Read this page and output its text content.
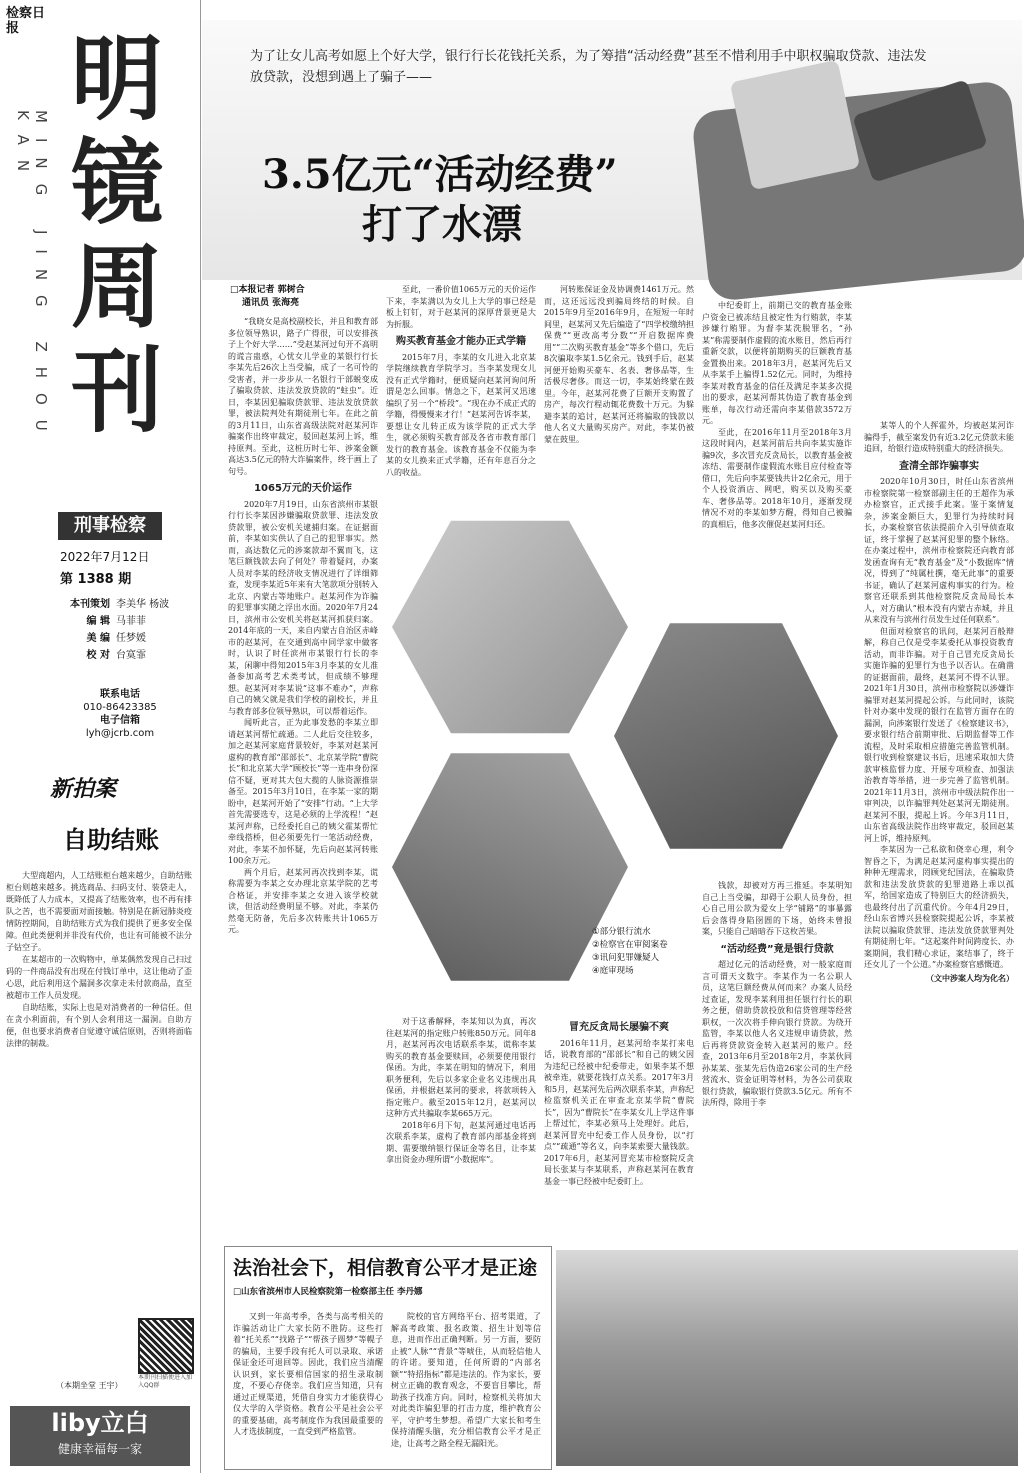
检察日报 明
镜
周
刊
MING JING ZHOU KAN
刑事检察
2022年7月12日
第 1388 期
本刊策划 李美华 杨波
编 辑 马菲菲
美 编 任梦媛
校 对 台寞霏
联系电话
010-86423385
电子信箱
lyh@jcrb.com
新拍案
自助结账

大型商超内，人工结账柜台越来越少，自助结账柜台则越来越多。挑选商品、扫码支付、装袋走人，既降低了人力成本，又提高了结账效率，也不再有排队之苦，也不需要面对面接触。特别是在新冠肺炎疫情防控期间，自助结账方式为我们提供了更多安全保障。但此类便利并非没有代价，也让有可能被不法分子钻空子。

在某超市的一次购物中，单某偶然发现自己扫过码的一件商品没有出现在付钱订单中，这让他动了歪心思，此后利用这个漏洞多次拿走未付款商品，直至被超市工作人员发现。

自助结账，实际上也是对消费者的一种信任。但在贪小利面前，有个别人会利用这一漏洞。自助方便，但也要求消费者自觉遵守诚信原则，否则将面临法律的制裁。

本期刊扫描便进入加入QQ群
（本期坐堂 王宇）
liby立白
健康幸福每一家
为了让女儿高考如愿上个好大学，银行行长花钱托关系，为了筹措“活动经费”甚至不惜利用手中职权骗取贷款、违法发放贷款，没想到遇上了骗子——
3.5亿元“活动经费”
打了水漂
□本报记者 郭树合
通讯员 张海亮

“我晓女是高校副校长，并且和教育部多位领导熟识，路子广得很，可以安排孩子上个好大学……”受赵某河过句开不高明的谎言蛊惑，心忧女儿学业的某银行行长李某先后26次上当受骗，成了一名可怜的受害者，并一步步从一名银行干部蜕变成了骗取贷款、违法发放贷款的“蛀虫”。近日，李某因犯骗取贷款罪、违法发放贷款罪，被法院判处有期徒刑七年。在此之前的3月11日，山东省高级法院对赵某河诈骗案作出终审裁定，驳回赵某河上诉，维持原判。至此，这桩历时七年、涉案金额高达3.5亿元的特大诈骗案件，终于画上了句号。

1065万元的天价运作

2020年7月19日，山东省滨州市某银行行长李某因涉嫌骗取贷款罪、违法发放贷款罪，被公安机关逮捕归案。在证据面前，李某如实供认了自己的犯罪事实。然而，高达数亿元的涉案款却不翼而飞，这笔巨额钱款去向了何处？带着疑问，办案人员对李某的经济收支情况进行了详细筛查，发现李某近5年来有大笔款项分别转入北京、内蒙古等地账户。赵某河作为诈骗的犯罪事实随之浮出水面。2020年7月24日，滨州市公安机关将赵某河抓获归案。2014年底的一天，来自内蒙古自治区赤峰市的赵某河，在交通到高中同学家中做客时，认识了时任滨州市某银行行长的李某，闲聊中得知2015年3月李某的女儿准备参加高考艺术类考试，但成绩不够理想。赵某河对李某说“这事不难办”，声称自己的姨父就是我们学校的副校长，并且与教育部多位领导熟识，可以帮着运作。

闻听此言，正为此事发愁的李某立即请赵某河帮忙疏通。二人此后交往较多，加之赵某河家庭背景较好，李某对赵某河虚构的教育部“邵部长”、北京某学院“曹院长”和北京某大学“顾校长”等一连串身份深信不疑，更对其大包大揽的人脉资源推崇备至。2015年3月10日，在李某一家的期盼中，赵某河开始了“安排”行动。“上大学首先需要选专，这是必须的上学流程！”赵某河声称，已经委托自己的姨父霍某帮忙牵线搭桥，但必须要先行一笔活动经费，对此，李某不加怀疑，先后向赵某河转账100余万元。

两个月后，赵某河再次找到李某，谎称需要为李某之女办理北京某学院的艺考合格证，并安排李某之女进入该学校就读，但活动经费明显不够。对此，李某仍然毫无防备，先后多次转账共计1065万元。

至此，一番价值1065万元的天价运作下来，李某满以为女儿上大学的事已经是板上钉钉，对于赵某河的深厚背景更是大为折服。

购买教育基金才能办正式学籍

2015年7月，李某的女儿进入北京某学院继续教育学院学习。当李某发现女儿没有正式学籍时，便质疑向赵某河询问所谓是怎么回事。情急之下，赵某河又迅速编织了另一个“桥段”。“现在办不成正式的学籍，得慢慢来才行！”赵某河告诉李某，要想让女儿转正成为该学院的正式大学生，就必须购买教育部及各省市教育部门发行的教育基金。该教育基金不仅能为李某的女儿换来正式学籍，还有年息百分之八的收益。

对于这番解释，李某知以为真，再次往赵某河的指定账户转账850万元。同年8月，赵某河再次电话联系李某，谎称李某购买的教育基金要赎回，必须要使用银行保函。为此，李某在明知的情况下，利用职务便利，先后以多家企业名义违规出具保函，并根据赵某河的要求，将款项转入指定账户。截至2015年12月，赵某河以这种方式共骗取李某665万元。

2018年6月下旬，赵某河通过电话再次联系李某，虚构了教育部内部基金将到期、需要缴纳银行保证金等名目，让李某拿出资金办理所谓“小数据库”。

河转账保证金及协调费1461万元。然而，这还远远没到骗局终结的时候。自2015年9月至2016年9月，在短短一年时间里，赵某河又先后编造了“四学校缴纳担保费”“更改高考分数”“开启数据库费用”“二次购买教育基金”等多个借口，先后8次骗取李某1.5亿余元。钱到手后，赵某河便开始购买豪车、名表、奢侈品等，生活极尽奢侈。而这一切，李某始终蒙在鼓里。今年，赵某河花费了巨额开支购置了房产，每次行程动辄花费数十万元。为躲避李某的追讨，赵某河还将骗取的钱款以他人名义大量购买房产。对此，李某仍被蒙在鼓里。

冒充反贪局长屡骗不爽

2016年11月，赵某河给李某打来电话，说教育部的“邵部长”和自己的姨父因为违纪已经被中纪委带走，如果李某不想被牵连，就要花钱打点关系。2017年3月和5月，赵某河先后两次联系李某，声称纪检监察机关正在审查北京某学院“曹院长”，因为“曹院长”在李某女儿上学这件事上帮过忙，李某必须马上处理好。此后，赵某河冒充中纪委工作人员身份，以“打点”“疏通”等名义，向李某索要大量钱款。2017年6月，赵某河冒充某市检察院反贪局长张某与李某联系，声称赵某河在教育基金一事已经被中纪委盯上。

中纪委盯上，前期已交的教育基金账户资金已被冻结且被定性为行贿款，李某涉嫌行贿罪。为督李某洗脱罪名，“孙某”称需要制作虚假的流水账目，然后再行重新交款，以便将前期购买的巨额教育基金置换出来。2018年3月，赵某河先后又从李某手上骗得1.52亿元。同时，为维持李某对教育基金的信任及满足李某多次提出的要求，赵某河帮其伪造了教育基金到账单，每次行动还需向李某借款3572万元。

至此，在2016年11月至2018年3月这段时间内，赵某河前后共向李某实施诈骗9次，多次冒充反贪局长，以教育基金被冻结、需要制作虚假流水账目应付检查等借口，先后向李某要钱共计2亿余元，用于个人投资酒店、网吧，购买以及购买豪车、奢侈品等。2018年10月，逐渐发现情况不对的李某如梦方醒，得知自己被骗的真相后，他多次催促赵某河归还。

钱款，却被对方再三推延。李某明知自己上当受骗，却碍于公职人员身份，担心自己用公款为爱女上学“铺路”的事暴露后会落得身陷囹圄的下场，始终未曾报案，只能自己暗暗吞下这枚苦果。

“活动经费”竟是银行贷款

超过亿元的活动经费，对一般家庭而言可谓天文数字。李某作为一名公职人员，这笔巨额经费从何而来？办案人员经过查证，发现李某利用担任银行行长的职务之便，借助贷款投放和信贷管理等经营职权，一次次将手伸向银行贷款。为绕开监管，李某以他人名义违规申请贷款，然后再将贷款资金转入赵某河的账户。经查，2013年6月至2018年2月，李某伙同孙某某、张某先后伪造26家公司的生产经营流水、资金证明等材料，为各公司获取银行贷款，骗取银行贷款3.5亿元。所有不法所得，除用于李

某等人的个人挥霍外，均被赵某河诈骗得手，截至案发仍有近3.2亿元贷款未能追回，给银行造成特别重大的经济损失。

查清全部诈骗事实

2020年10月30日，时任山东省滨州市检察院第一检察部副主任的王超作为承办检察官，正式接手此案。鉴于案情复杂，涉案金额巨大，犯罪行为持续时间长，办案检察官依法提前介入引导侦查取证，终于掌握了赵某河犯罪的整个脉络。在办案过程中，滨州市检察院还向教育部发函查询有无“教育基金”及“小数据库”情况，得到了“纯属杜撰，毫无此事”的重要书证，确认了赵某河虚构事实的行为。检察官还联系到其他检察院反贪局局长本人，对方确认“根本没有内蒙古赤城，并且从来没有与滨州行员发生过任何联系”。

但面对检察官的讯问，赵某河百般辩解，称自己仅是受李某委托从事投资教育活动，而非诈骗。对于自己冒充反贪局长实施诈骗的犯罪行为也予以否认。在确凿的证据面前，最终，赵某河不得不认罪。2021年1月30日，滨州市检察院以涉嫌诈骗罪对赵某河提起公诉。与此同时，该院针对办案中发现的银行在监管方面存在的漏洞，向涉案银行发送了《检察建议书》，要求银行结合前期审批、后期监督等工作流程，及时采取相应措施完善监管机制。银行收到检察建议书后，迅速采取加大贷款审核监督力度、开展专项检查、加强法治教育等举措，进一步完善了监管机制。2021年11月3日，滨州市中级法院作出一审判决，以诈骗罪判处赵某河无期徒刑。赵某河不服，提起上诉。今年3月11日，山东省高级法院作出终审裁定，驳回赵某河上诉，维持原判。

李某因为一己私欲和侥幸心理，利令智昏之下，为满足赵某河虚构事实提出的种种无理需求，罔顾党纪国法，在骗取贷款和违法发放贷款的犯罪道路上乖以孤军，给国家造成了特别巨大的经济损失，也最终付出了沉重代价。今年4月29日，经山东省博兴县检察院提起公诉，李某被法院以骗取贷款罪、违法发放贷款罪判处有期徒刑七年。“这起案件时间跨度长、办案期间，我们精心求证，案结事了，终于还女儿了一个公道。”办案检察官感慨道。

（文中涉案人均为化名）
①部分银行流水
②检察官在审阅案卷
③讯问犯罪嫌疑人
④庭审现场
法治社会下，相信教育公平才是正途
□山东省滨州市人民检察院第一检察部主任 李丹娜

又到一年高考季，各类与高考相关的诈骗活动让广大家长防不胜防。这些打着“托关系”“找路子”“帮孩子圆梦”等幌子的骗局，主要手段有托人可以录取、承诺保证金还可退回等。因此，我们应当清醒认识到，家长要相信国家的招生录取制度，不要心存侥幸。我们应当知道，只有通过正规渠道，凭借自身实力才能获得心仪大学的入学资格。教育公平是社会公平的重要基础，高考制度作为我国最重要的人才选拔制度，一直受到严格监管。

院校的官方网络平台、招考渠道，了解高考政策、报名政策、招生计划等信息，进而作出正确判断。另一方面，要防止被“人脉”“背景”等唬住，从而轻信他人的许诺。要知道，任何所谓的“内部名额”“特招指标”都是违法的。作为家长，要树立正确的教育观念，不要盲目攀比，帮助孩子找准方向。同时，检察机关将加大对此类诈骗犯罪的打击力度，维护教育公平，守护考生梦想。希望广大家长和考生保持清醒头脑，充分相信教育公平才是正途，让高考之路全程无漏阳光。
